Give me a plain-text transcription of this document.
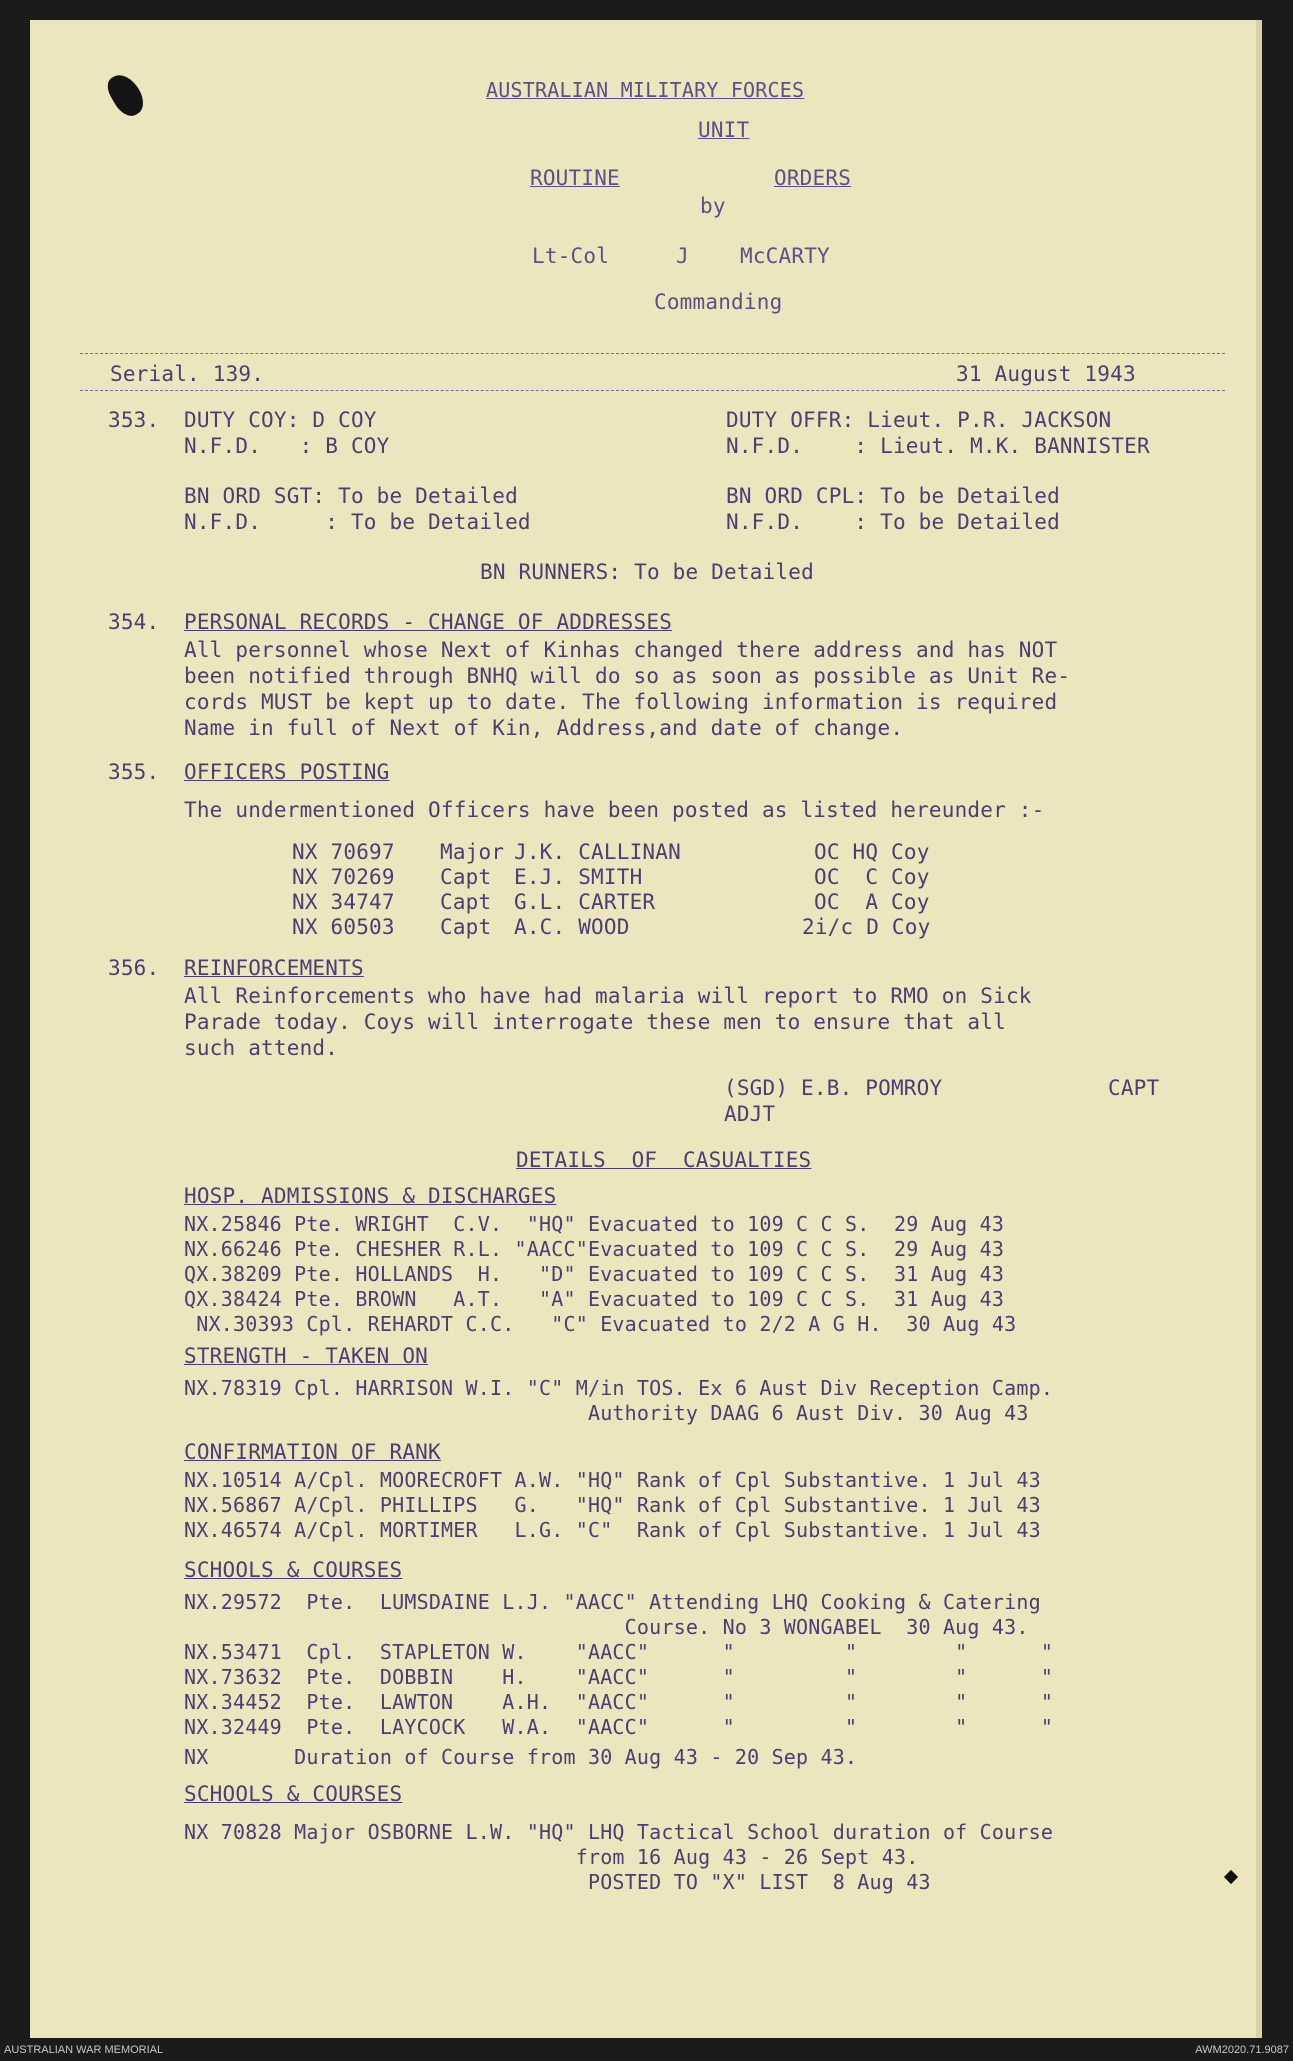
AUSTRALIAN MILITARY FORCES
UNIT
ROUTINE	ORDERS
by
Lt-Col	J McCARTY
Commanding
Serial. 139.	31 August 1943
353. DUTY COY: D COY	DUTY OFFR: Lieut. P.R. JACKSON
N.F.D.   : B COY	N.F.D.    : Lieut. M.K. BANNISTER
BN ORD SGT: To be Detailed	BN ORD CPL: To be Detailed
N.F.D.     : To be Detailed	N.F.D.    : To be Detailed
BN RUNNERS: To be Detailed
354. PERSONAL RECORDS - CHANGE OF ADDRESSES
All personnel whose Next of Kinhas changed there address and has NOT
been notified through BNHQ will do so as soon as possible as Unit Re-
cords MUST be kept up to date. The following information is required
Name in full of Next of Kin, Address,and date of change.
355. OFFICERS POSTING
The undermentioned Officers have been posted as listed hereunder :-
NX 70697 Major J.K. CALLINAN	OC HQ Coy
NX 70269 Capt E.J. SMITH	OC  C Coy
NX 34747 Capt G.L. CARTER	OC  A Coy
NX 60503 Capt A.C. WOOD	2i/c D Coy
356. REINFORCEMENTS
All Reinforcements who have had malaria will report to RMO on Sick
Parade today. Coys will interrogate these men to ensure that all
such attend.
(SGD) E.B. POMROY	CAPT
ADJT
DETAILS  OF  CASUALTIES
HOSP. ADMISSIONS & DISCHARGES
NX.25846 Pte. WRIGHT  C.V.  "HQ" Evacuated to 109 C C S.  29 Aug 43
NX.66246 Pte. CHESHER R.L. "AACC"Evacuated to 109 C C S.  29 Aug 43
QX.38209 Pte. HOLLANDS  H.   "D" Evacuated to 109 C C S.  31 Aug 43
QX.38424 Pte. BROWN   A.T.   "A" Evacuated to 109 C C S.  31 Aug 43
NX.30393 Cpl. REHARDT C.C.   "C" Evacuated to 2/2 A G H.  30 Aug 43
STRENGTH - TAKEN ON
NX.78319 Cpl. HARRISON W.I. "C" M/in TOS. Ex 6 Aust Div Reception Camp.
Authority DAAG 6 Aust Div. 30 Aug 43
CONFIRMATION OF RANK
NX.10514 A/Cpl. MOORECROFT A.W. "HQ" Rank of Cpl Substantive. 1 Jul 43
NX.56867 A/Cpl. PHILLIPS   G.   "HQ" Rank of Cpl Substantive. 1 Jul 43
NX.46574 A/Cpl. MORTIMER   L.G. "C"  Rank of Cpl Substantive. 1 Jul 43
SCHOOLS & COURSES
NX.29572  Pte.  LUMSDAINE L.J. "AACC" Attending LHQ Cooking & Catering
Course. No 3 WONGABEL  30 Aug 43.
NX.53471  Cpl.  STAPLETON W.    "AACC"      "         "        "      "
NX.73632  Pte.  DOBBIN    H.    "AACC"      "         "        "      "
NX.34452  Pte.  LAWTON    A.H.  "AACC"      "         "        "      "
NX.32449  Pte.  LAYCOCK   W.A.  "AACC"      "         "        "      "
NX       Duration of Course from 30 Aug 43 - 20 Sep 43.
SCHOOLS & COURSES
NX 70828 Major OSBORNE L.W. "HQ" LHQ Tactical School duration of Course
from 16 Aug 43 - 26 Sept 43.
POSTED TO "X" LIST  8 Aug 43
AUSTRALIAN WAR MEMORIAL	AWM2020.71.9087
